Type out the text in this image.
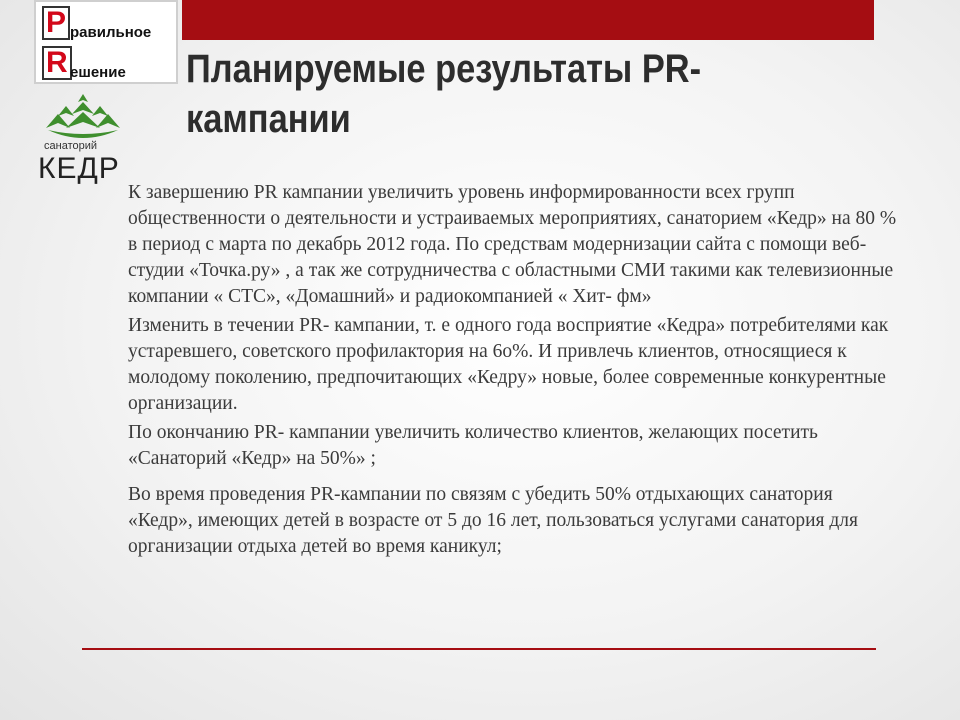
P равильное
R ешение
санаторий
КЕДР
Планируемые результаты PR-
кампании

К завершению PR кампании увеличить уровень информированности всех групп общественности о деятельности и устраиваемых мероприятиях, санаторием «Кедр» на 80 % в период с марта по декабрь 2012 года. По средствам модернизации сайта с помощи веб- студии «Точка.ру» , а так же сотрудничества с областными СМИ такими как телевизионные компании « СТС», «Домашний» и радиокомпанией « Хит- фм»

Изменить в течении PR- кампании, т. е одного года восприятие «Кедра» потребителями как устаревшего, советского профилактория на 6o%. И привлечь клиентов, относящиеся к молодому поколению, предпочитающих «Кедру» новые, более современные конкурентные организации.

По окончанию PR- кампании увеличить количество клиентов, желающих посетить «Санаторий «Кедр» на 50%» ;

Во время проведения PR-кампании по связям с убедить 50% отдыхающих санатория «Кедр», имеющих детей в возрасте от 5 до 16 лет, пользоваться услугами санатория для организации отдыха детей во время каникул;
